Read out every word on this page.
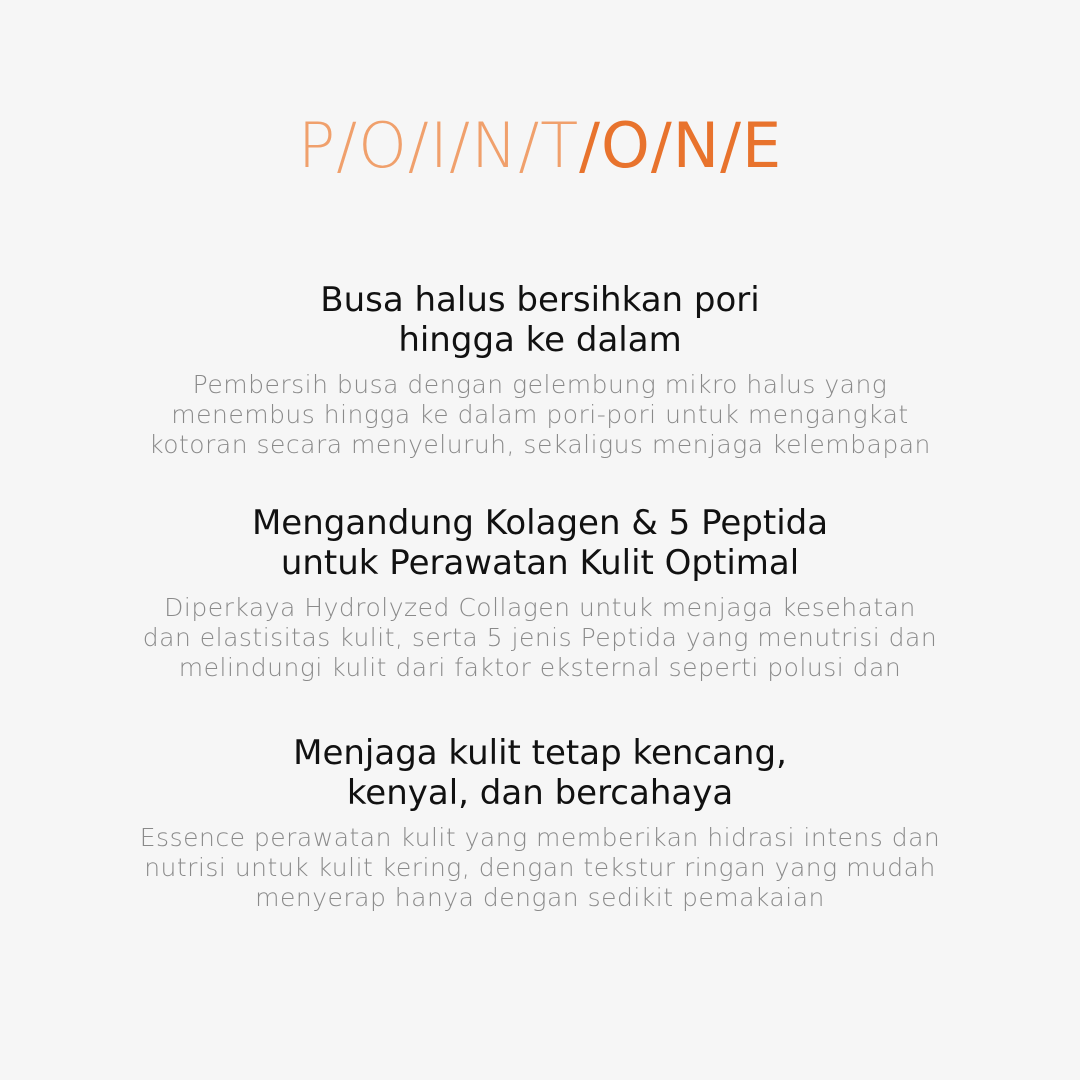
P/O/I/N/T/O/N/E
Busa halus bersihkan pori
hingga ke dalam
Pembersih busa dengan gelembung mikro halus yang
menembus hingga ke dalam pori-pori untuk mengangkat
kotoran secara menyeluruh, sekaligus menjaga kelembapan
Mengandung Kolagen & 5 Peptida
untuk Perawatan Kulit Optimal
Diperkaya Hydrolyzed Collagen untuk menjaga kesehatan
dan elastisitas kulit, serta 5 jenis Peptida yang menutrisi dan
melindungi kulit dari faktor eksternal seperti polusi dan
Menjaga kulit tetap kencang,
kenyal, dan bercahaya
Essence perawatan kulit yang memberikan hidrasi intens dan
nutrisi untuk kulit kering, dengan tekstur ringan yang mudah
menyerap hanya dengan sedikit pemakaian
